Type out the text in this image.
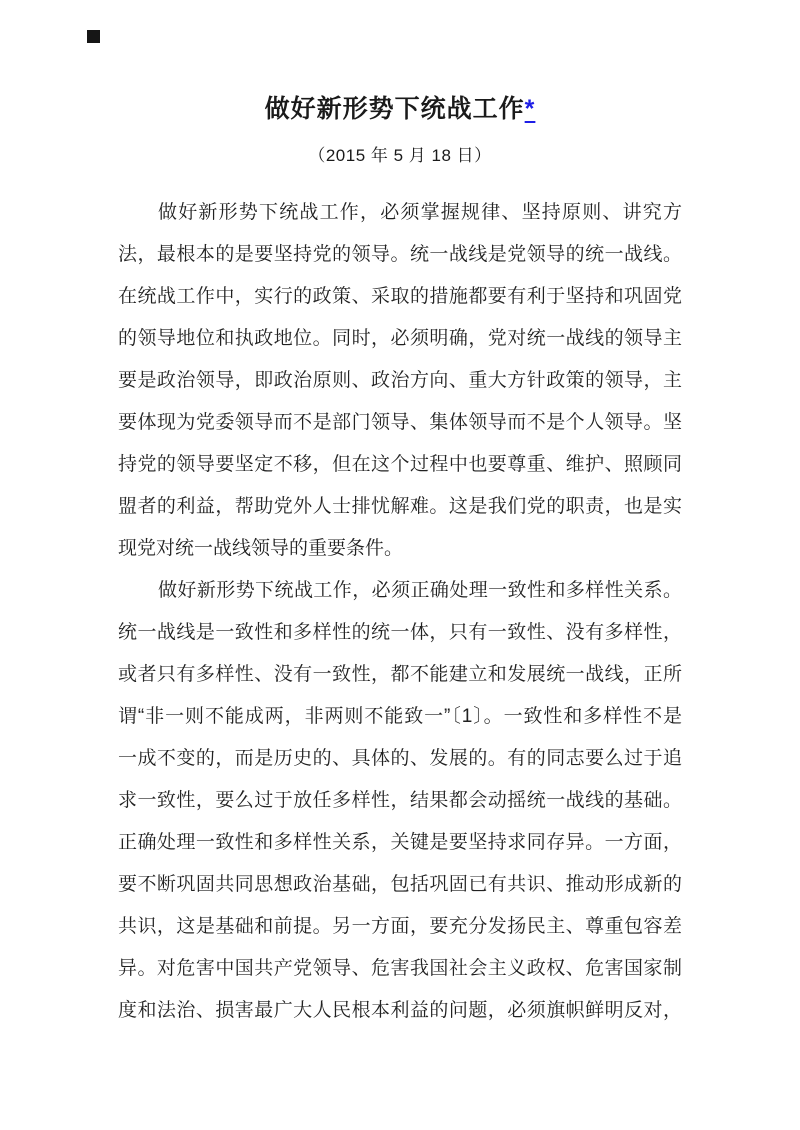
做好新形势下统战工作*
（2015 年 5 月 18 日）
做好新形势下统战工作，必须掌握规律、坚持原则、讲究方
法，最根本的是要坚持党的领导。统一战线是党领导的统一战线。
在统战工作中，实行的政策、采取的措施都要有利于坚持和巩固党
的领导地位和执政地位。同时，必须明确，党对统一战线的领导主
要是政治领导，即政治原则、政治方向、重大方针政策的领导，主
要体现为党委领导而不是部门领导、集体领导而不是个人领导。坚
持党的领导要坚定不移，但在这个过程中也要尊重、维护、照顾同
盟者的利益，帮助党外人士排忧解难。这是我们党的职责，也是实
现党对统一战线领导的重要条件。
做好新形势下统战工作，必须正确处理一致性和多样性关系。
统一战线是一致性和多样性的统一体，只有一致性、没有多样性，
或者只有多样性、没有一致性，都不能建立和发展统一战线，正所
谓“非一则不能成两，非两则不能致一”〔1〕。一致性和多样性不是
一成不变的，而是历史的、具体的、发展的。有的同志要么过于追
求一致性，要么过于放任多样性，结果都会动摇统一战线的基础。
正确处理一致性和多样性关系，关键是要坚持求同存异。一方面，
要不断巩固共同思想政治基础，包括巩固已有共识、推动形成新的
共识，这是基础和前提。另一方面，要充分发扬民主、尊重包容差
异。对危害中国共产党领导、危害我国社会主义政权、危害国家制
度和法治、损害最广大人民根本利益的问题，必须旗帜鲜明反对，
